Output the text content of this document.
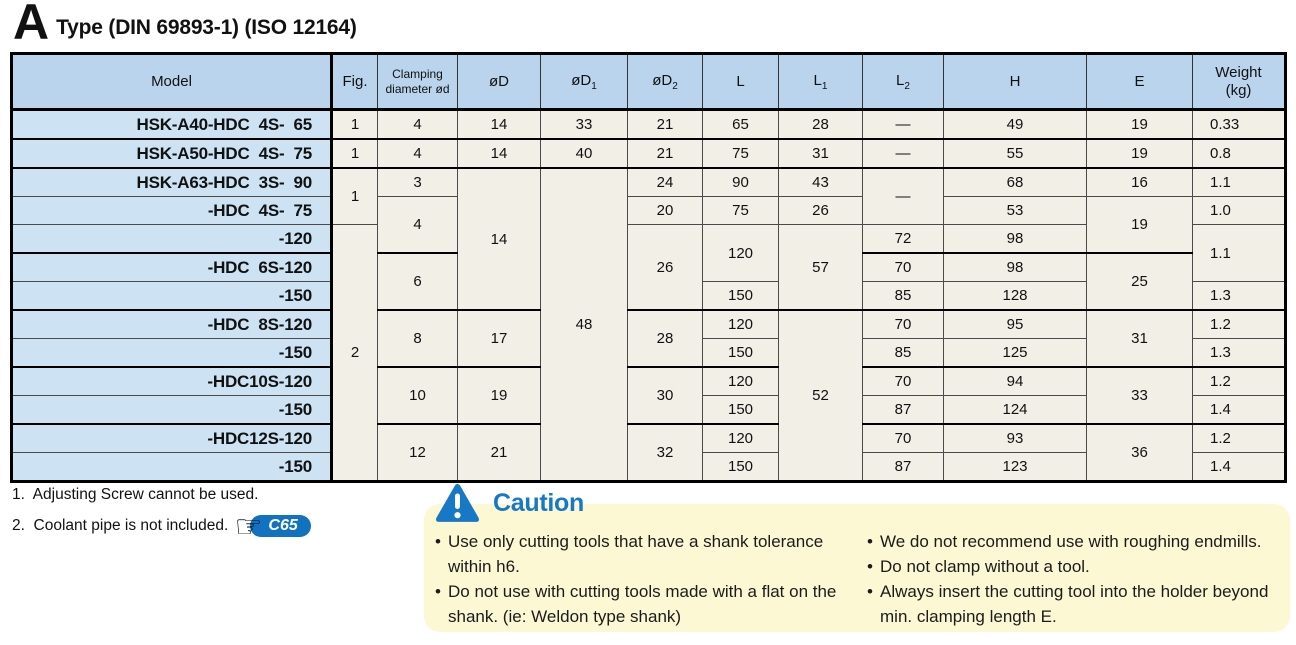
A Type (DIN 69893-1) (ISO 12164)
Model	Fig.	Clamping diameter ød	øD	$øD_1$	$øD_2$	L	$L_1$	$L_2$	H	E	Weight
(kg)

HSK-A40-HDC  4S-  65	1	4	14	33	21	65	28	—	49	19	0.33
HSK-A50-HDC  4S-  75	1	4	14	40	21	75	31	—	55	19	0.8
HSK-A63-HDC  3S-  90	1	3	14	48	24	90	43	—	68	16	1.1
-HDC  4S-  75		4			20	75	26		53	19	1.0
-120	2				26	120	57	72	98		1.1
-HDC  6S-120		6						70	98	25	
-150						150		85	128		1.3
-HDC  8S-120		8	17		28	120	52	70	95	31	1.2
-150						150		85	125		1.3
-HDC10S-120		10	19		30	120		70	94	33	1.2
-150						150		87	124		1.4
-HDC12S-120		12	21		32	120		70	93	36	1.2
-150						150		87	123		1.4
1.  Adjusting Screw cannot be used.
2.  Coolant pipe is not included. ☞ C65
Caution
• Use only cutting tools that have a shank tolerance within h6.
• Do not use with cutting tools made with a flat on the shank. (ie: Weldon type shank)
• We do not recommend use with roughing endmills.
• Do not clamp without a tool.
• Always insert the cutting tool into the holder beyond min. clamping length E.
